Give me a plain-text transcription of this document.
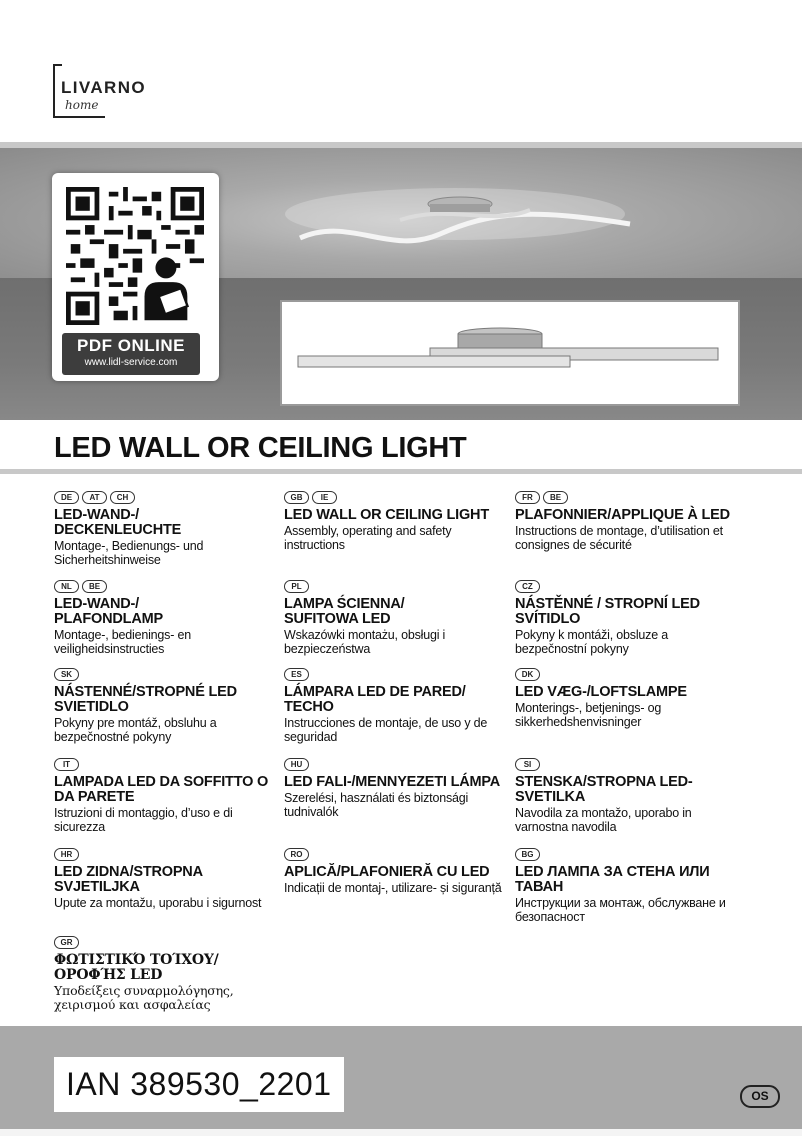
LIVARNO
home
PDF ONLINE
www.lidl-service.com
LED WALL OR CEILING LIGHT
DE	AT	CH
LED-WAND-/
DECKENLEUCHTE
Montage-, Bedienungs- und Sicherheitshinweise
GB	IE
LED WALL OR CEILING LIGHT
Assembly, operating and safety instructions
FR	BE
PLAFONNIER/APPLIQUE À LED
Instructions de montage, d’utilisation et consignes de sécurité
NL	BE
LED-WAND-/
PLAFONDLAMP
Montage-, bedienings- en veiligheidsinstructies
PL
LAMPA ŚCIENNA/
SUFITOWA LED
Wskazówki montażu, obsługi i bezpieczeństwa
CZ
NÁSTĚNNÉ / STROPNÍ LED SVÍTIDLO
Pokyny k montáži, obsluze a bezpečnostní pokyny
SK
NÁSTENNÉ/STROPNÉ LED SVIETIDLO
Pokyny pre montáž, obsluhu a bezpečnostné pokyny
ES
LÁMPARA LED DE PARED/ TECHO
Instrucciones de montaje, de uso y de seguridad
DK
LED VÆG-/LOFTSLAMPE
Monterings-, betjenings- og sikkerhedshenvisninger
IT
LAMPADA LED DA SOFFITTO O DA PARETE
Istruzioni di montaggio, d’uso e di sicurezza
HU
LED FALI-/MENNYEZETI LÁMPA
Szerelési, használati és biztonsági tudnivalók
SI
STENSKA/STROPNA LED-SVETILKA
Navodila za montažo, uporabo in varnostna navodila
HR
LED ZIDNA/STROPNA SVJETILJKA
Upute za montažu, uporabu i sigurnost
RO
APLICĂ/PLAFONIERĂ CU LED
Indicații de montaj-, utilizare- și siguranță
BG
LED ЛАМПА ЗА СТЕНА ИЛИ ТАВАН
Инструкции за монтаж, обслужване и безопасност
GR
ΦΩΤΙΣΤΙΚΌ ΤΟΊΧΟΥ/
ΟΡΟΦΉΣ LED
Υποδείξεις συναρμολόγησης, χειρισμού και ασφαλείας
IAN 389530_2201	OS
